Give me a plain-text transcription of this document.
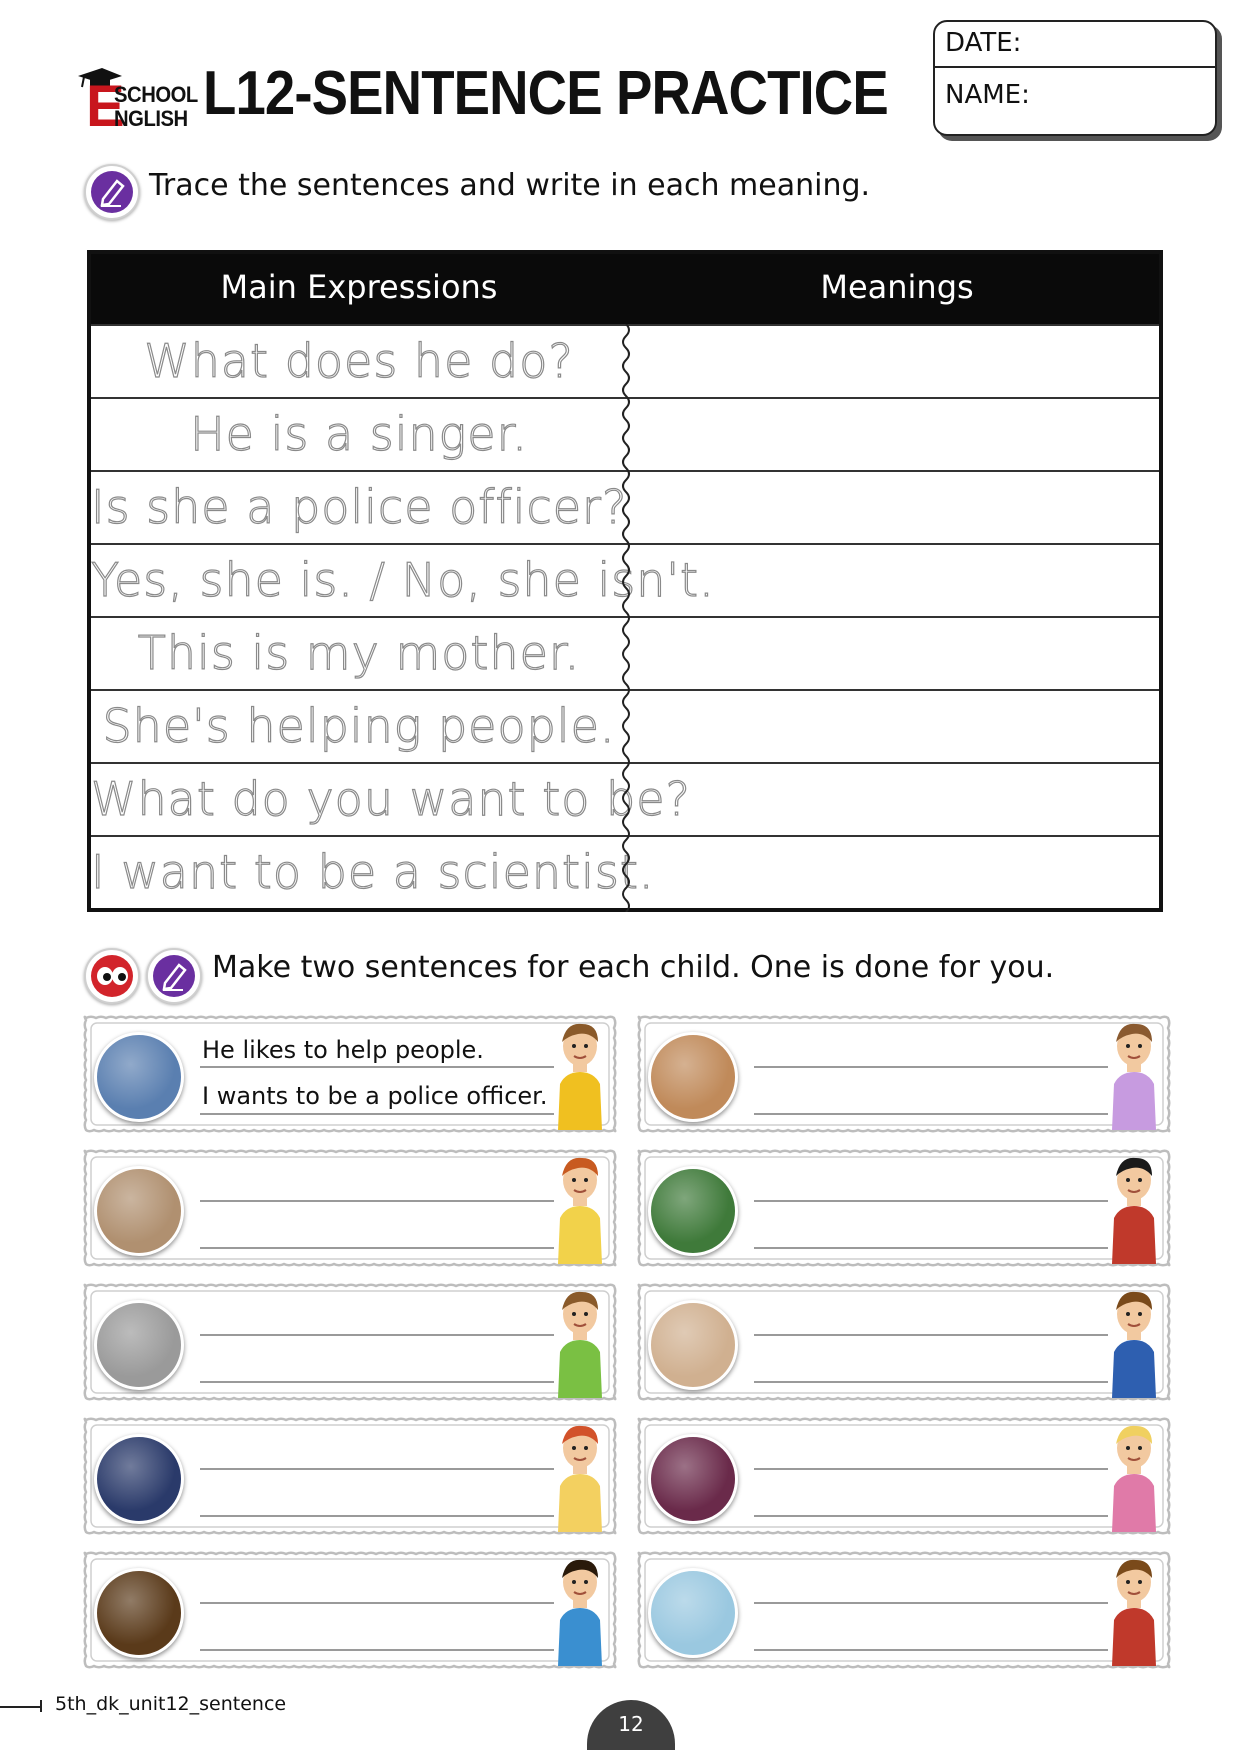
E
SCHOOL
NGLISH L12-SENTENCE PRACTICE
DATE:
NAME:
Trace the sentences and write in each meaning.
Main Expressions	Meanings
What does he do?
He is a singer.
Is she a police officer?
Yes, she is. / No, she isn't.
This is my mother.
She's helping people.
What do you want to be?
I want to be a scientist.
Make two sentences for each child. One is done for you.
He likes to help people.
I wants to be a police officer.
5th_dk_unit12_sentence
12
